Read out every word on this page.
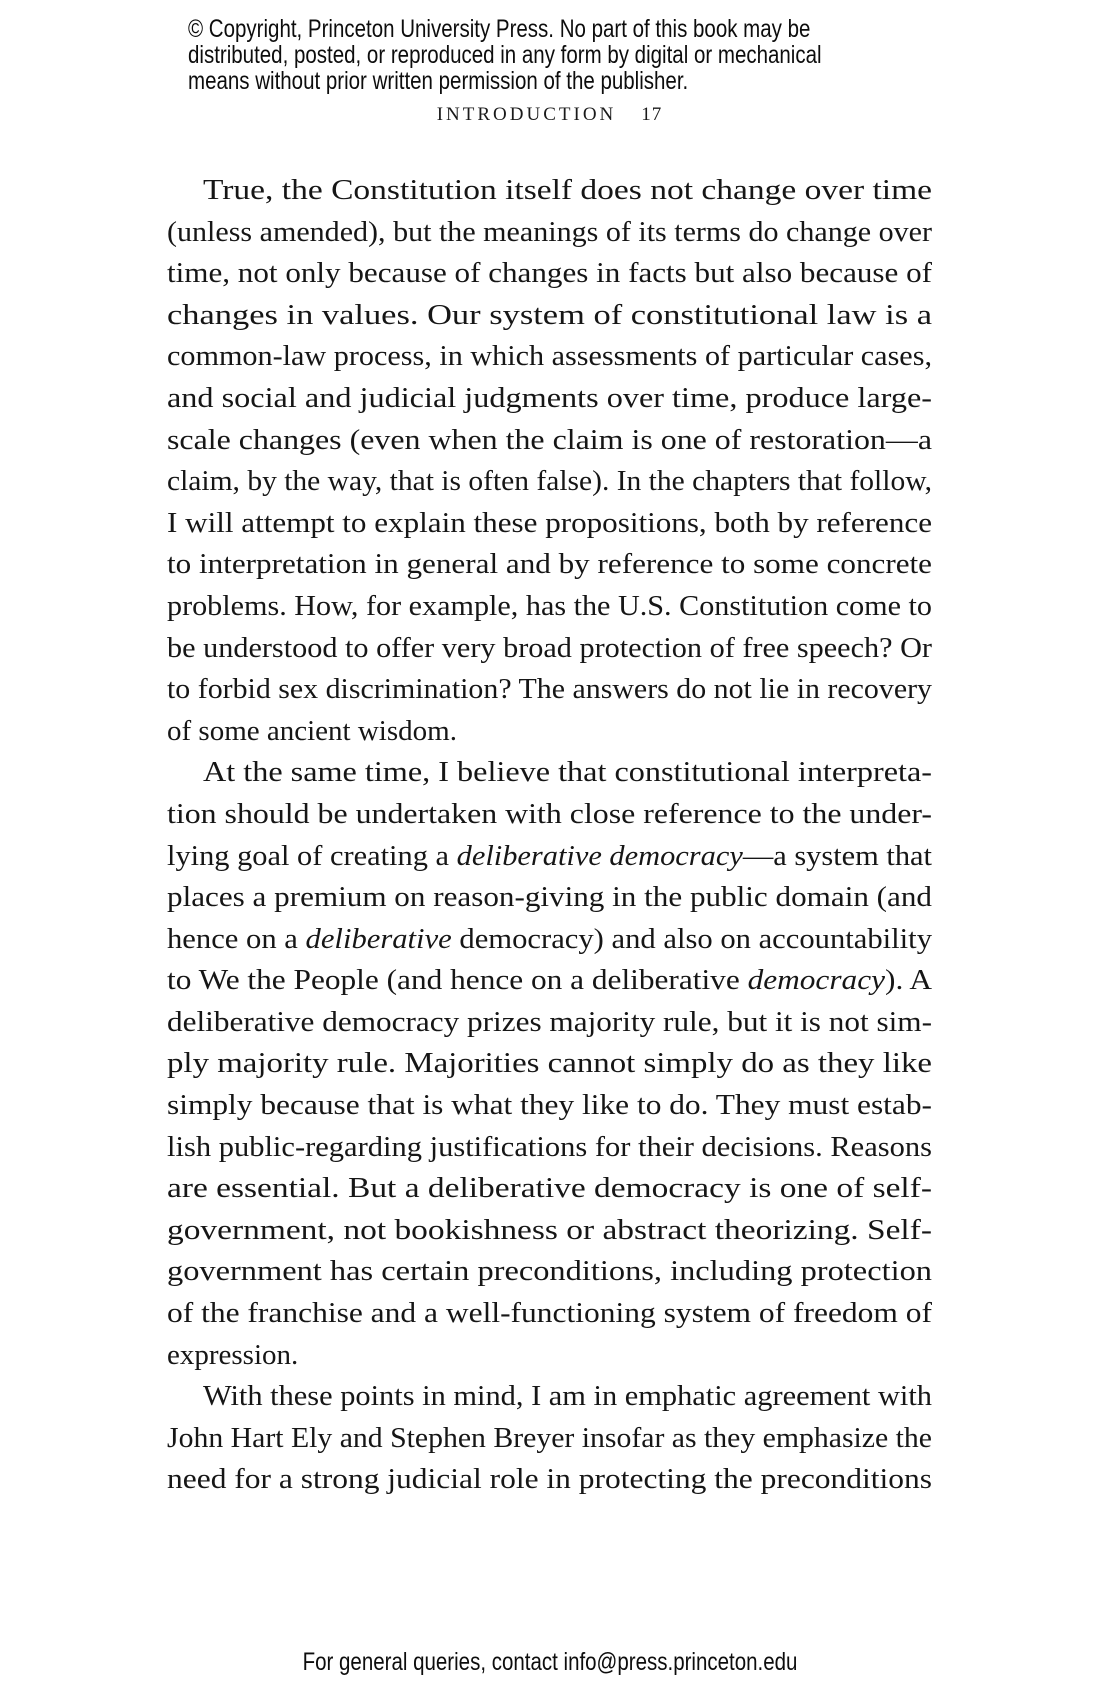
© Copyright, Princeton University Press. No part of this book may be
distributed, posted, or reproduced in any form by digital or mechanical
means without prior written permission of the publisher.
INTRODUCTION 17
True, the Constitution itself does not change over time
(unless amended), but the meanings of its terms do change over
time, not only because of changes in facts but also because of
changes in values. Our system of constitutional law is a
common-law process, in which assessments of particular cases,
and social and judicial judgments over time, produce large-
scale changes (even when the claim is one of restoration—a
claim, by the way, that is often false). In the chapters that follow,
I will attempt to explain these propositions, both by reference
to interpretation in general and by reference to some concrete
problems. How, for example, has the U.S. Constitution come to
be understood to offer very broad protection of free speech? Or
to forbid sex discrimination? The answers do not lie in recovery
of some ancient wisdom.
At the same time, I believe that constitutional interpreta-
tion should be undertaken with close reference to the under-
lying goal of creating a deliberative democracy—a system that
places a premium on reason-giving in the public domain (and
hence on a deliberative democracy) and also on accountability
to We the People (and hence on a deliberative democracy). A
deliberative democracy prizes majority rule, but it is not sim-
ply majority rule. Majorities cannot simply do as they like
simply because that is what they like to do. They must estab-
lish public-regarding justifications for their decisions. Reasons
are essential. But a deliberative democracy is one of self-
government, not bookishness or abstract theorizing. Self-
government has certain preconditions, including protection
of the franchise and a well-functioning system of freedom of
expression.
With these points in mind, I am in emphatic agreement with
John Hart Ely and Stephen Breyer insofar as they emphasize the
need for a strong judicial role in protecting the preconditions
For general queries, contact info@press.princeton.edu
